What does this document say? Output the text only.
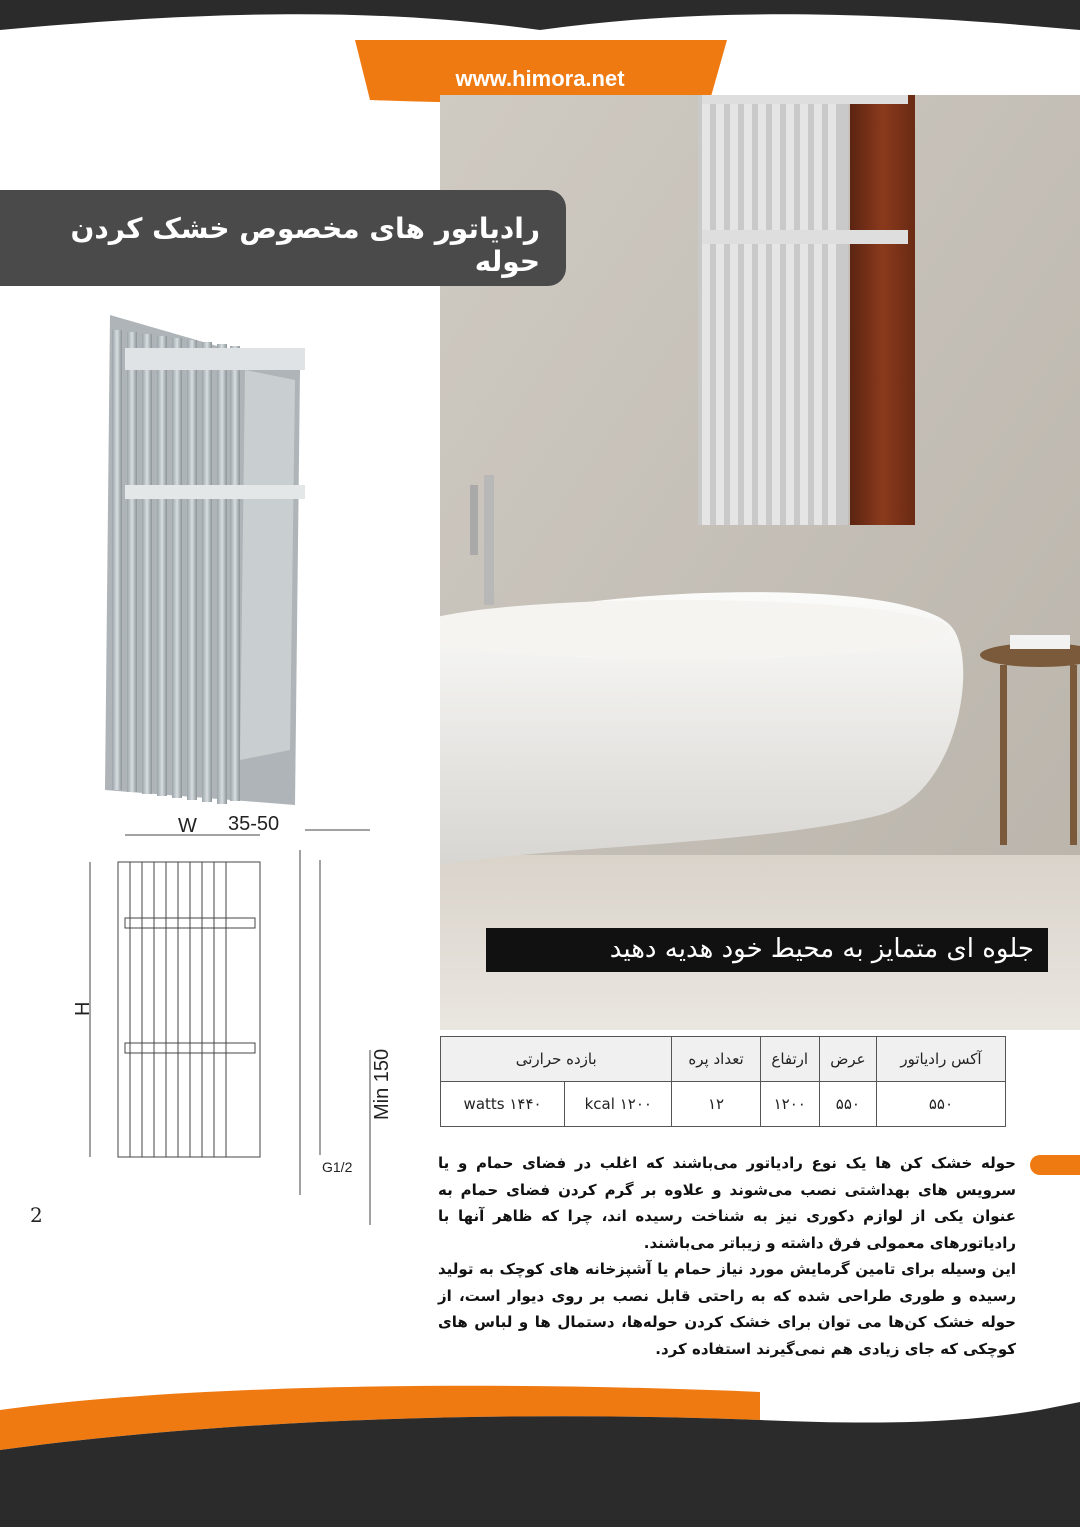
www.himora.net
رادیاتور های مخصوص خشک کردن حوله
W 35-50
H
Min 150
G1/2
جلوه ای متمایز به محیط خود هدیه دهید
آکس رادیاتور	عرض	ارتفاع	تعداد پره	بازده حرارتی	
۵۵۰	۵۵۰	۱۲۰۰	۱۲	۱۲۰۰ kcal	۱۴۴۰ watts

حوله خشک کن ها یک نوع رادیاتور می‌باشند که اغلب در فضای حمام و یا سرویس های بهداشتی نصب می‌شوند و علاوه بر گرم کردن فضای حمام به عنوان یکی از لوازم دکوری نیز به شناخت رسیده اند، چرا که ظاهر آنها با رادیاتورهای معمولی فرق داشته و زیباتر می‌باشند.

این وسیله برای تامین گرمایش مورد نیاز حمام یا آشپزخانه های کوچک به تولید رسیده و طوری طراحی شده که به راحتی قابل نصب بر روی دیوار است، از حوله خشک کن‌ها می توان برای خشک کردن حوله‌ها، دستمال ها و لباس های کوچکی که جای زیادی هم نمی‌گیرند استفاده کرد.

2
